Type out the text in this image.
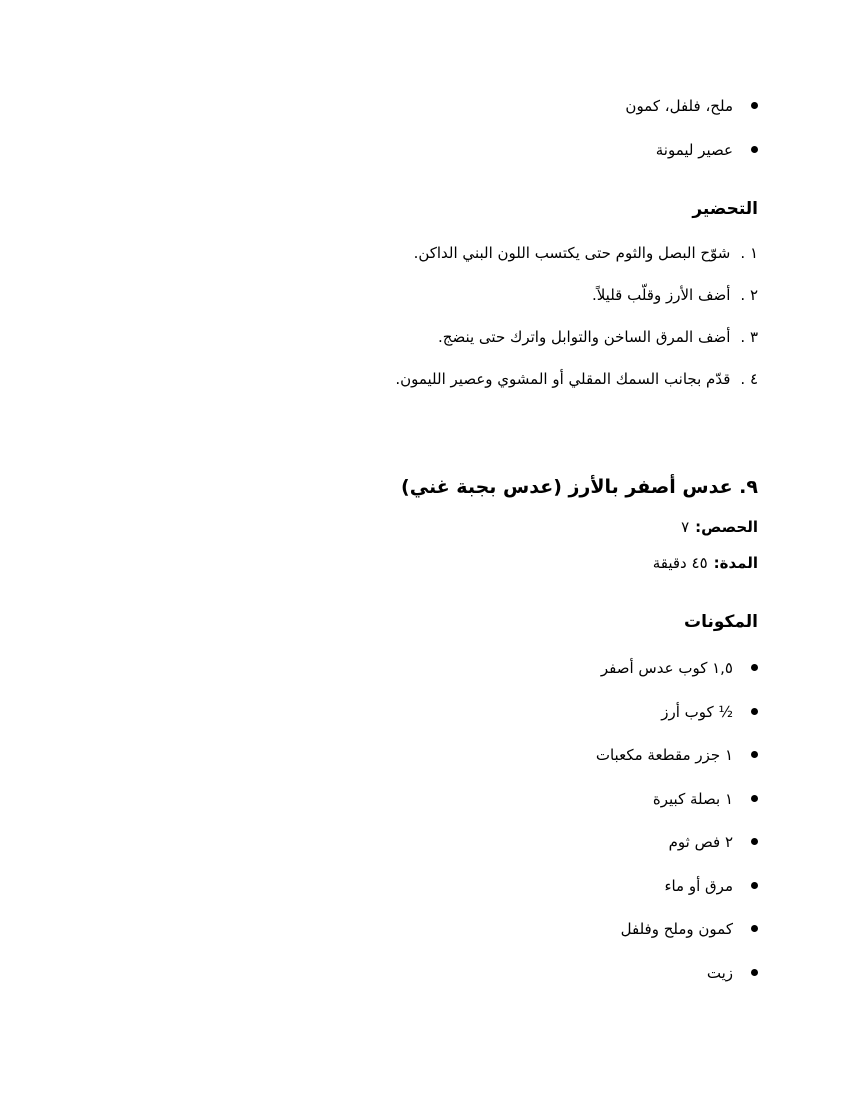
ملح، فلفل، كمون
عصير ليمونة
التحضير
١ .شوّح البصل والثوم حتى يكتسب اللون البني الداكن.
٢ .أضف الأرز وقلّب قليلاً.
٣ .أضف المرق الساخن والتوابل واترك حتى ينضج.
٤ .قدّم بجانب السمك المقلي أو المشوي وعصير الليمون.
٩. عدس أصفر بالأرز (عدس بجبة غني)
الحصص:٧
المدة:٤٥ دقيقة
المكونات
١,٥ كوب عدس أصفر
½ كوب أرز
١ جزر مقطعة مكعبات
١ بصلة كبيرة
٢ فص ثوم
مرق أو ماء
كمون وملح وفلفل
زيت
